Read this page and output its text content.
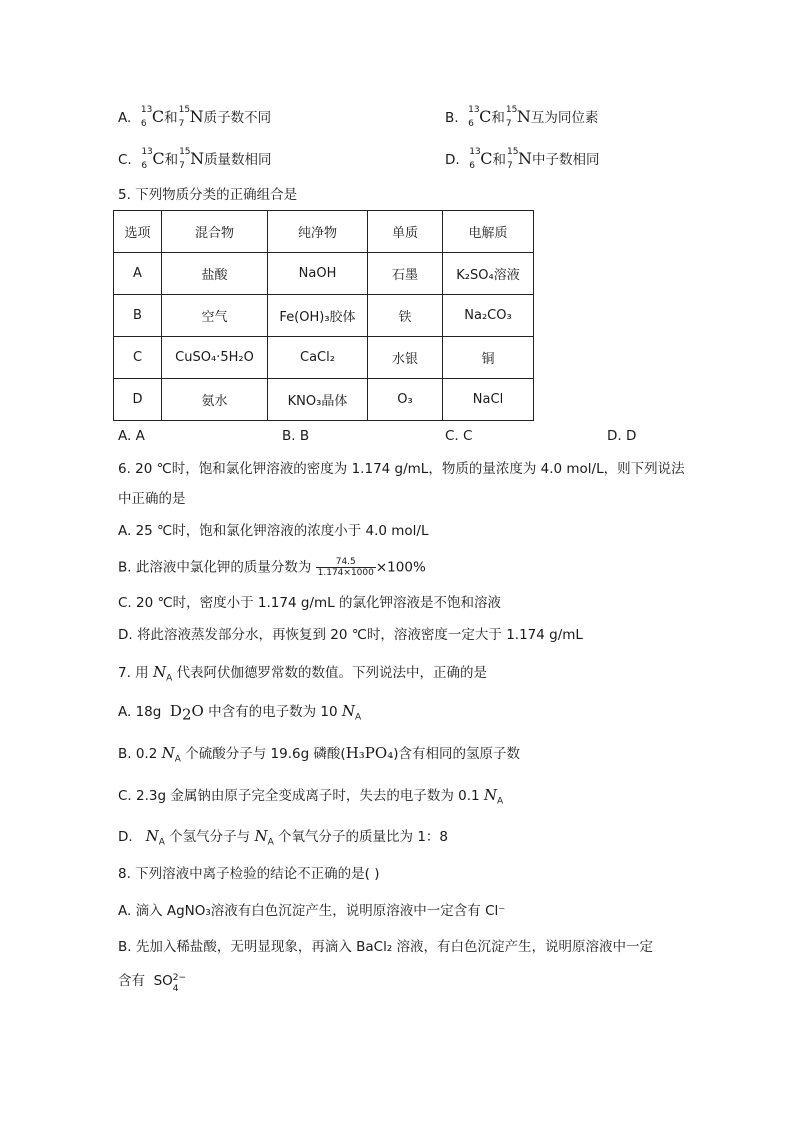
A. 13
6 C和 15
7 N质子数不同	B. 13
6 C和 15
7 N互为同位素
C. 13
6 C和 15
7 N质量数相同	D. 13
6 C和 15
7 N中子数相同
5. 下列物质分类的正确组合是
选项	混合物	纯净物	单质	电解质
A	盐酸	NaOH	石墨	K₂SO₄溶液
B	空气	Fe(OH)₃胶体	铁	Na₂CO₃
C	CuSO₄·5H₂O	CaCl₂	水银	铜
D	氨水	KNO₃晶体	O₃	NaCl
A. A	B. B	C. C	D. D
6. 20 ℃时，饱和氯化钾溶液的密度为 1.174 g/mL，物质的量浓度为 4.0 mol/L，则下列说法
中正确的是
A. 25 ℃时，饱和氯化钾溶液的浓度小于 4.0 mol/L
B. 此溶液中氯化钾的质量分数为 $\frac{74.5}{1.174\times 1000} \times 100\%$
C. 20 ℃时，密度小于 1.174 g/mL 的氯化钾溶液是不饱和溶液
D. 将此溶液蒸发部分水，再恢复到 20 ℃时，溶液密度一定大于 1.174 g/mL
7. 用 $N_A$ 代表阿伏伽德罗常数的数值。下列说法中，正确的是
A. 18g $D_2O$ 中含有的电子数为 10 $N_A$
B. 0.2 $N_A$ 个硫酸分子与 19.6g 磷酸(H₃PO₄)含有相同的氢原子数
C. 2.3g 金属钠由原子完全变成离子时，失去的电子数为 0.1 $N_A$
D. $N_A$ 个氢气分子与 $N_A$ 个氧气分子的质量比为 1：8
8. 下列溶液中离子检验的结论不正确的是( )
A. 滴入 AgNO₃溶液有白色沉淀产生，说明原溶液中一定含有 Cl⁻
B. 先加入稀盐酸，无明显现象，再滴入 BaCl₂ 溶液，有白色沉淀产生，说明原溶液中一定
含有 SO 2−
4
